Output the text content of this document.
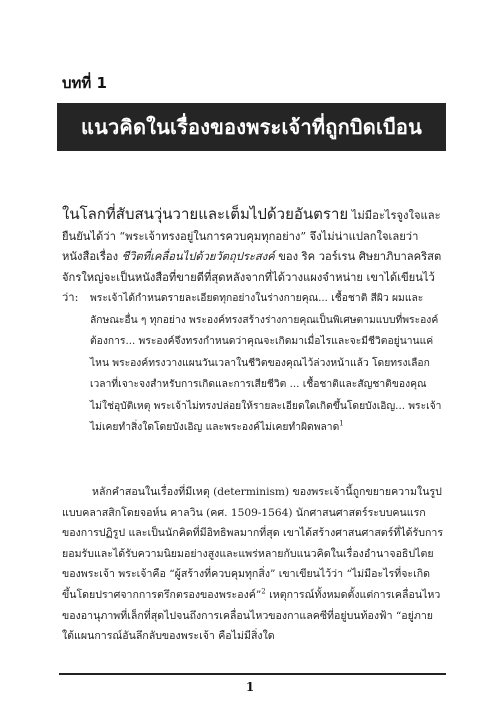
บทที่ 1

แนวคิดในเรื่องของพระเจ้าที่ถูกบิดเบือน

ในโลกที่สับสนวุ่นวายและเต็มไปด้วยอันตราย ไม่มีอะไรจูงใจและยืนยันได้ว่า “พระเจ้าทรงอยู่ในการควบคุมทุกอย่าง” จึงไม่น่าแปลกใจเลยว่าหนังสือเรื่อง ชีวิตที่เคลื่อนไปด้วยวัตถุประสงค์ ของ ริค วอร์เรน ศิษยาภิบาลคริสตจักรใหญ่จะเป็นหนังสือที่ขายดีที่สุดหลังจากที่ได้วางแผงจำหน่าย เขาได้เขียนไว้ว่า:	พระเจ้าได้กำหนดรายละเอียดทุกอย่างในร่างกายคุณ... เชื้อชาติ สีผิว ผมและลักษณะอื่น ๆ ทุกอย่าง พระองค์ทรงสร้างร่างกายคุณเป็นพิเศษตามแบบที่พระองค์ต้องการ... พระองค์จึงทรงกำหนดว่าคุณจะเกิดมาเมื่อไรและจะมีชีวิตอยู่นานแค่ไหน พระองค์ทรงวางแผนวันเวลาในชีวิตของคุณไว้ล่วงหน้าแล้ว โดยทรงเลือกเวลาที่เจาะจงสำหรับการเกิดและการเสียชีวิต ... เชื้อชาติและสัญชาติของคุณไม่ใช่อุบัติเหตุ พระเจ้าไม่ทรงปล่อยให้รายละเอียดใดเกิดขึ้นโดยบังเอิญ... พระเจ้าไม่เคยทำสิ่งใดโดยบังเอิญ และพระองค์ไม่เคยทำผิดพลาด$^1$

หลักคำสอนในเรื่องที่มีเหตุ (determinism) ของพระเจ้านี้ถูกขยายความในรูปแบบคลาสสิกโดยจอห์น คาลวิน (คศ. 1509-1564) นักศาสนศาสตร์ระบบคนแรกของการปฏิรูป และเป็นนักคิดที่มีอิทธิพลมากที่สุด เขาได้สร้างศาสนศาสตร์ที่ได้รับการยอมรับและได้รับความนิยมอย่างสูงและแพร่หลายกับแนวคิดในเรื่องอำนาจอธิปไตยของพระเจ้า พระเจ้าคือ “ผู้สร้างที่ควบคุมทุกสิ่ง” เขาเขียนไว้ว่า “ไม่มีอะไรที่จะเกิดขึ้นโดยปราศจากการตรึกตรองของพระองค์”$^2$ เหตุการณ์ทั้งหมดตั้งแต่การเคลื่อนไหวของอานุภาพที่เล็กที่สุดไปจนถึงการเคลื่อนไหวของกาแลคซีที่อยู่บนท้องฟ้า “อยู่ภายใต้แผนการณ์อันลึกลับของพระเจ้า คือไม่มีสิ่งใด

1
